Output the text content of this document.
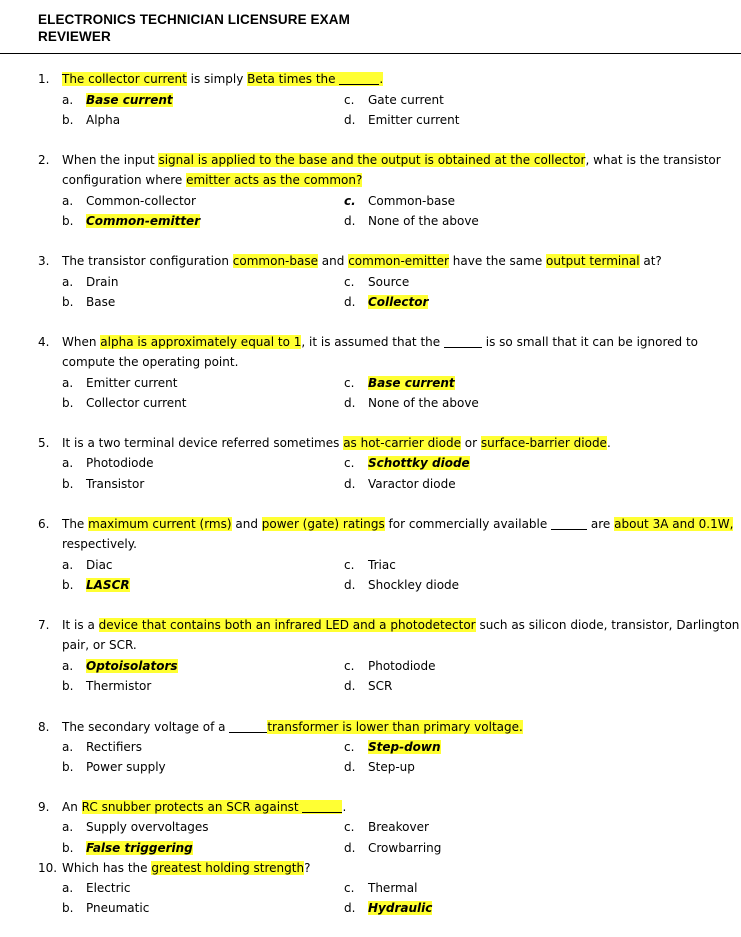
ELECTRONICS TECHNICIAN LICENSURE EXAM
REVIEWER
1. The collector current is simply Beta times the	.
a. Base current
b. Alpha
c. Gate current
d. Emitter current
2. When the input signal is applied to the base and the output is obtained at the collector, what is the transistor
configuration where emitter acts as the common?
a. Common-collector
b. Common-emitter
c. Common-base
d. None of the above
3. The transistor configuration common-base and common-emitter have the same output terminal at?
a. Drain
b. Base
c. Source
d. Collector
4. When alpha is approximately equal to 1, it is assumed that the	is so small that it can be ignored to
compute the operating point.
a. Emitter current
b. Collector current
c. Base current
d. None of the above
5. It is a two terminal device referred sometimes as hot-carrier diode or surface-barrier diode.
a. Photodiode
b. Transistor
c. Schottky diode
d. Varactor diode
6. The maximum current (rms) and power (gate) ratings for commercially available	are about 3A and 0.1W,
respectively.
a. Diac
b. LASCR
c. Triac
d. Shockley diode
7. It is a device that contains both an infrared LED and a photodetector such as silicon diode, transistor, Darlington
pair, or SCR.
a. Optoisolators
b. Thermistor
c. Photodiode
d. SCR
8. The secondary voltage of a	transformer is lower than primary voltage.
a. Rectifiers
b. Power supply
c. Step-down
d. Step-up
9. An RC snubber protects an SCR against	.
a. Supply overvoltages
b. False triggering
c. Breakover
d. Crowbarring
10. Which has the greatest holding strength?
a. Electric
b. Pneumatic
c. Thermal
d. Hydraulic
